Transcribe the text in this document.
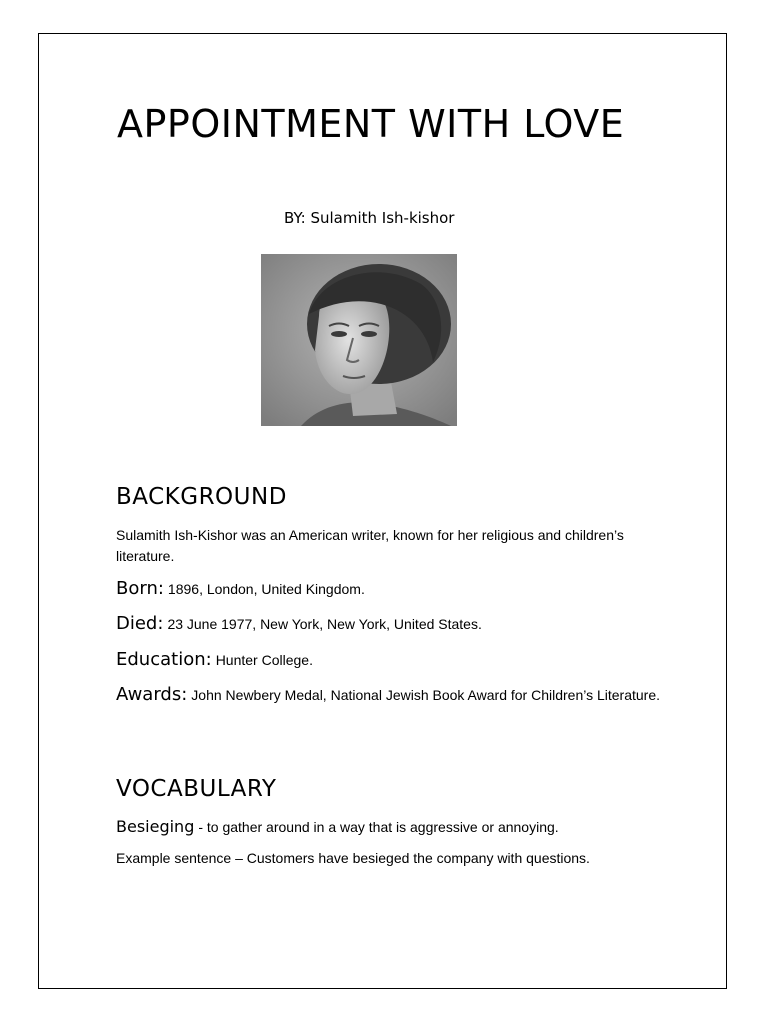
APPOINTMENT WITH LOVE
BY: Sulamith Ish-kishor
BACKGROUND

Sulamith Ish-Kishor was an American writer, known for her religious and children’s literature.

Born: 1896, London, United Kingdom.
Died: 23 June 1977, New York, New York, United States.
Education: Hunter College.
Awards: John Newbery Medal, National Jewish Book Award for Children’s Literature.
VOCABULARY
Besieging - to gather around in a way that is aggressive or annoying.

Example sentence – Customers have besieged the company with questions.
